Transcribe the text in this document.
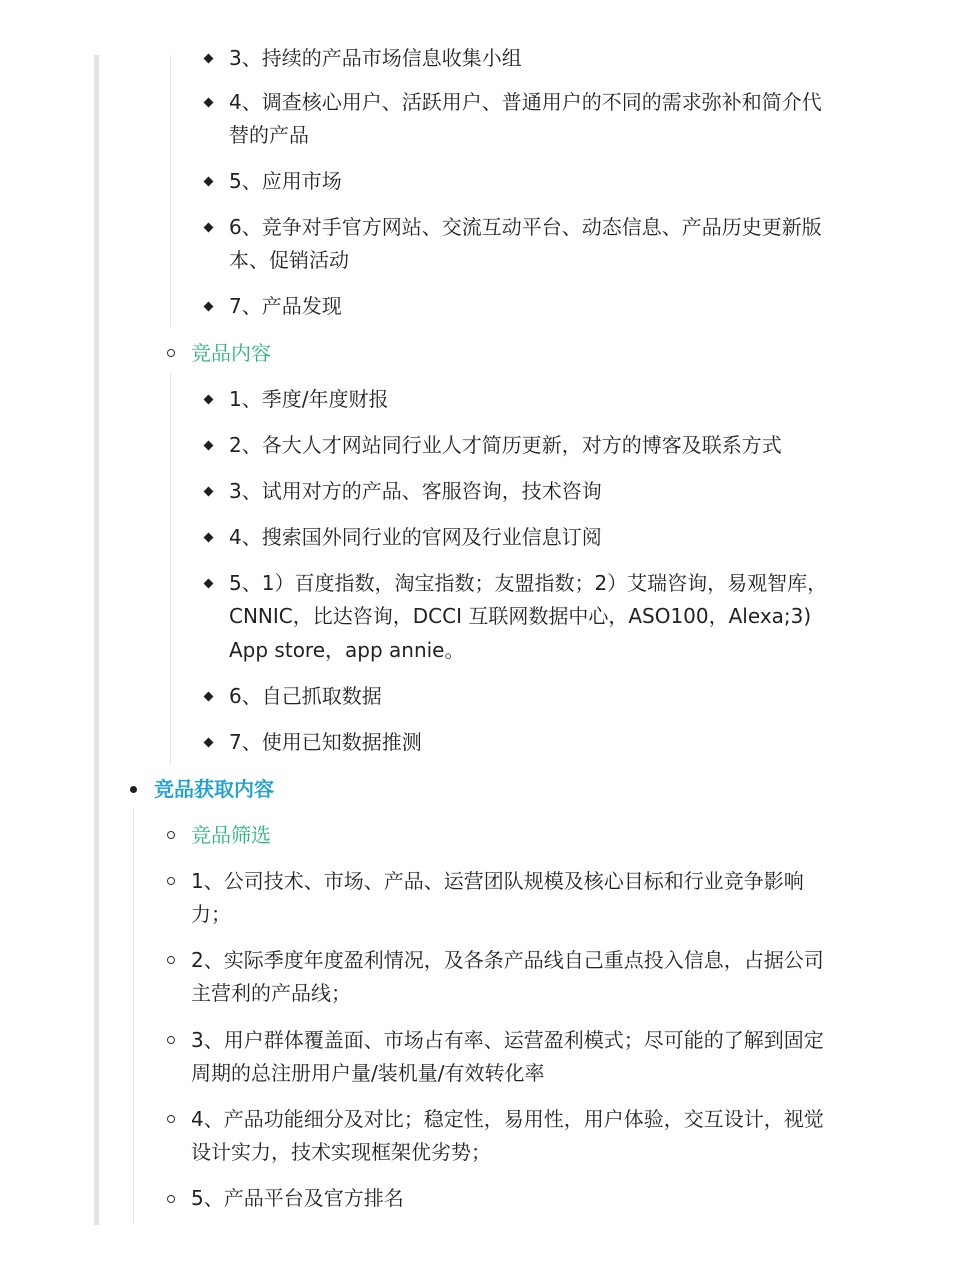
3、持续的产品市场信息收集小组
4、调查核心用户、活跃用户、普通用户的不同的需求弥补和简介代
替的产品
5、应用市场
6、竞争对手官方网站、交流互动平台、动态信息、产品历史更新版
本、促销活动
7、产品发现
竞品内容
1、季度/年度财报
2、各大人才网站同行业人才简历更新，对方的博客及联系方式
3、试用对方的产品、客服咨询，技术咨询
4、搜索国外同行业的官网及行业信息订阅
5、1）百度指数，淘宝指数；友盟指数；2）艾瑞咨询，易观智库，
CNNIC，比达咨询，DCCI 互联网数据中心，ASO100，Alexa;3)
App store，app annie。
6、自己抓取数据
7、使用已知数据推测
竞品获取内容
竞品筛选
1、公司技术、市场、产品、运营团队规模及核心目标和行业竞争影响
力；
2、实际季度年度盈利情况，及各条产品线自己重点投入信息，占据公司
主营利的产品线；
3、用户群体覆盖面、市场占有率、运营盈利模式；尽可能的了解到固定
周期的总注册用户量/装机量/有效转化率
4、产品功能细分及对比；稳定性，易用性，用户体验，交互设计，视觉
设计实力，技术实现框架优劣势；
5、产品平台及官方排名
